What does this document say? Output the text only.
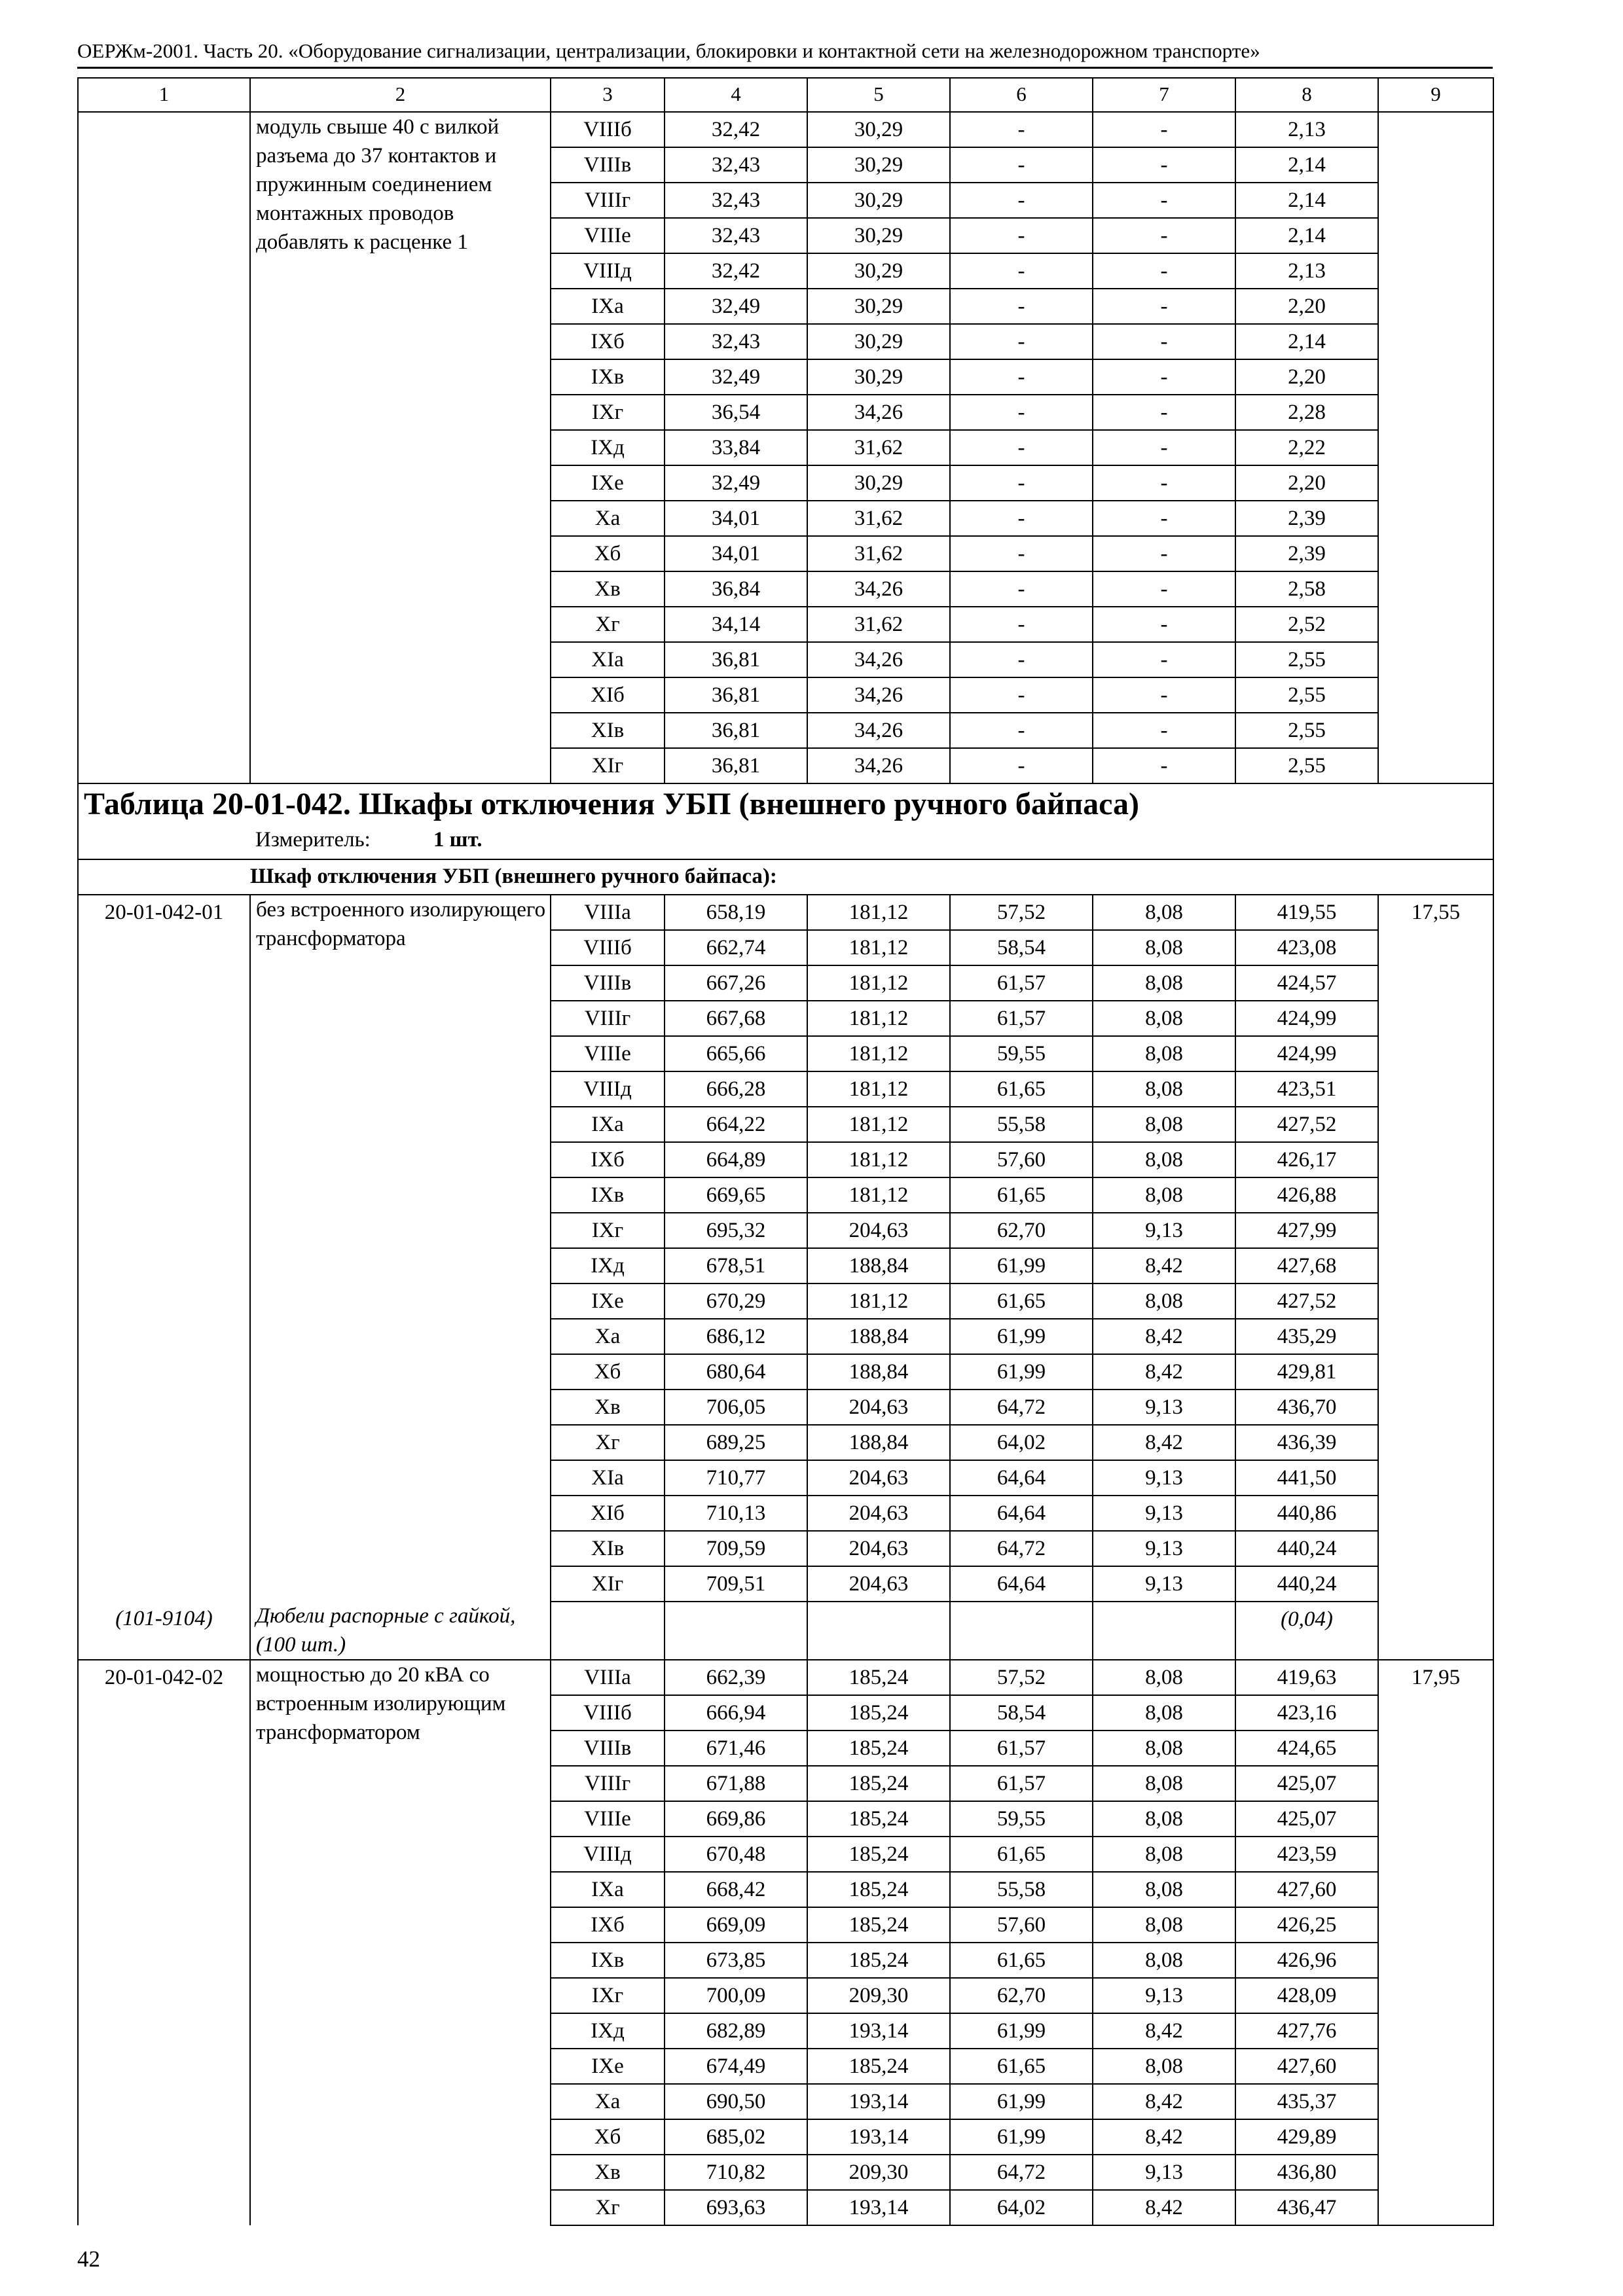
ОЕРЖм-2001. Часть 20. «Оборудование сигнализации, централизации, блокировки и контактной сети на железнодорожном транспорте»
1	2	3	4	5	6	7	8	9
	модуль свыше 40 с вилкой разъема до 37 контактов и пружинным соединением монтажных проводов добавлять к расценке 1	VIIIб	32,42	30,29	-	-	2,13	
		VIIIв	32,43	30,29	-	-	2,14	
		VIIIг	32,43	30,29	-	-	2,14	
		VIIIе	32,43	30,29	-	-	2,14	
		VIIIд	32,42	30,29	-	-	2,13	
		IXа	32,49	30,29	-	-	2,20	
		IXб	32,43	30,29	-	-	2,14	
		IXв	32,49	30,29	-	-	2,20	
		IXг	36,54	34,26	-	-	2,28	
		IXд	33,84	31,62	-	-	2,22	
		IXе	32,49	30,29	-	-	2,20	
		Xа	34,01	31,62	-	-	2,39	
		Xб	34,01	31,62	-	-	2,39	
		Xв	36,84	34,26	-	-	2,58	
		Xг	34,14	31,62	-	-	2,52	
		XIа	36,81	34,26	-	-	2,55	
		XIб	36,81	34,26	-	-	2,55	
		XIв	36,81	34,26	-	-	2,55	
		XIг	36,81	34,26	-	-	2,55	
Таблица 20-01-042. Шкафы отключения УБП (внешнего ручного байпаса)								
	Измеритель: 1 шт.							
	Шкаф отключения УБП (внешнего ручного байпаса):							
20-01-042-01	без встроенного изолирующего трансформатора	VIIIа	658,19	181,12	57,52	8,08	419,55	17,55
		VIIIб	662,74	181,12	58,54	8,08	423,08	
		VIIIв	667,26	181,12	61,57	8,08	424,57	
		VIIIг	667,68	181,12	61,57	8,08	424,99	
		VIIIе	665,66	181,12	59,55	8,08	424,99	
		VIIIд	666,28	181,12	61,65	8,08	423,51	
		IXа	664,22	181,12	55,58	8,08	427,52	
		IXб	664,89	181,12	57,60	8,08	426,17	
		IXв	669,65	181,12	61,65	8,08	426,88	
		IXг	695,32	204,63	62,70	9,13	427,99	
		IXд	678,51	188,84	61,99	8,42	427,68	
		IXе	670,29	181,12	61,65	8,08	427,52	
		Xа	686,12	188,84	61,99	8,42	435,29	
		Xб	680,64	188,84	61,99	8,42	429,81	
		Xв	706,05	204,63	64,72	9,13	436,70	
		Xг	689,25	188,84	64,02	8,42	436,39	
		XIа	710,77	204,63	64,64	9,13	441,50	
		XIб	710,13	204,63	64,64	9,13	440,86	
		XIв	709,59	204,63	64,72	9,13	440,24	
		XIг	709,51	204,63	64,64	9,13	440,24	
(101-9104)	Дюбели распорные с гайкой, (100 шт.)						(0,04)	
20-01-042-02	мощностью до 20 кВА со встроенным изолирующим трансформатором	VIIIа	662,39	185,24	57,52	8,08	419,63	17,95
		VIIIб	666,94	185,24	58,54	8,08	423,16	
		VIIIв	671,46	185,24	61,57	8,08	424,65	
		VIIIг	671,88	185,24	61,57	8,08	425,07	
		VIIIе	669,86	185,24	59,55	8,08	425,07	
		VIIIд	670,48	185,24	61,65	8,08	423,59	
		IXа	668,42	185,24	55,58	8,08	427,60	
		IXб	669,09	185,24	57,60	8,08	426,25	
		IXв	673,85	185,24	61,65	8,08	426,96	
		IXг	700,09	209,30	62,70	9,13	428,09	
		IXд	682,89	193,14	61,99	8,42	427,76	
		IXе	674,49	185,24	61,65	8,08	427,60	
		Xа	690,50	193,14	61,99	8,42	435,37	
		Xб	685,02	193,14	61,99	8,42	429,89	
		Xв	710,82	209,30	64,72	9,13	436,80	
		Xг	693,63	193,14	64,02	8,42	436,47	
42
